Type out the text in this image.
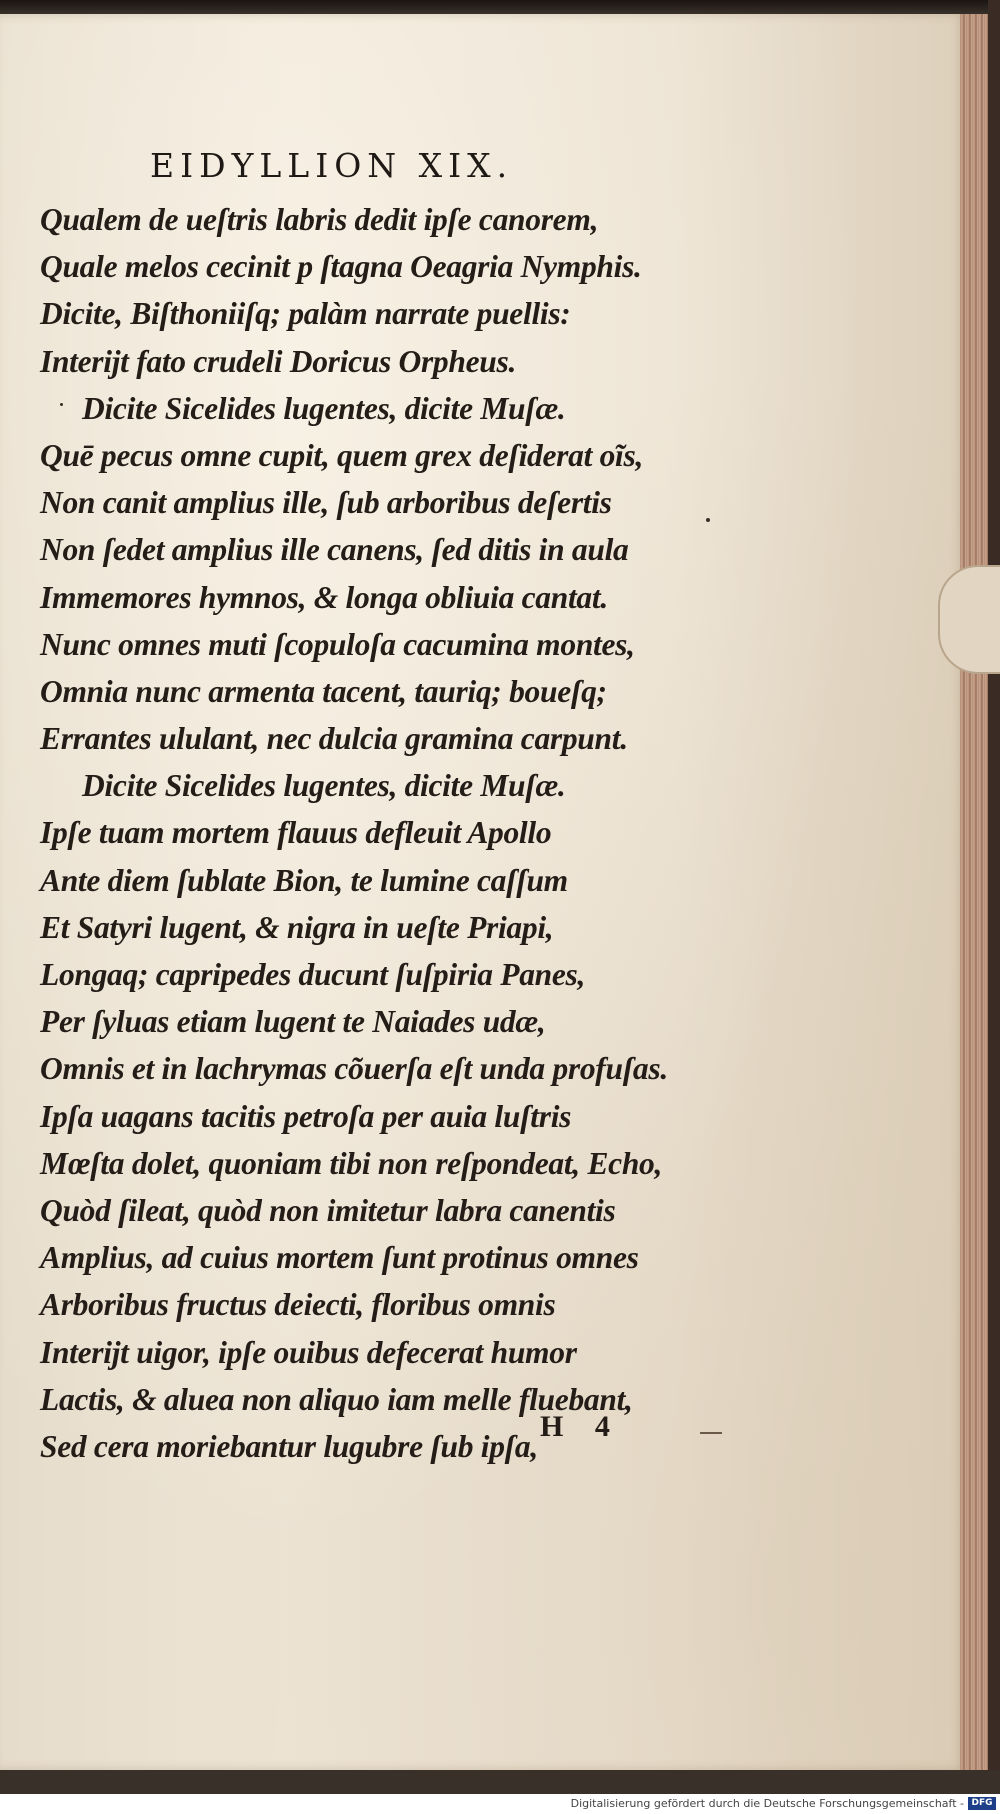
EIDYLLION XIX.
Qualem de ueſtris labris dedit ipſe canorem,
Quale melos cecinit p ſtagna Oeagria Nymphis.
Dicite, Biſthoniiſq; palàm narrate puellis:
Interijt fato crudeli Doricus Orpheus.
Dicite Sicelides lugentes, dicite Muſæ.
Quē pecus omne cupit, quem grex deſiderat oĩs,
Non canit amplius ille, ſub arboribus deſertis
Non ſedet amplius ille canens, ſed ditis in aula
Immemores hymnos, & longa obliuia cantat.
Nunc omnes muti ſcopuloſa cacumina montes,
Omnia nunc armenta tacent, tauriq; boueſq;
Errantes ululant, nec dulcia gramina carpunt.
Dicite Sicelides lugentes, dicite Muſæ.
Ipſe tuam mortem flauus defleuit Apollo
Ante diem ſublate Bion, te lumine caſſum
Et Satyri lugent, & nigra in ueſte Priapi,
Longaq; capripedes ducunt ſuſpiria Panes,
Per ſyluas etiam lugent te Naiades udæ,
Omnis et in lachrymas cõuerſa eſt unda profuſas.
Ipſa uagans tacitis petroſa per auia luſtris
Mœſta dolet, quoniam tibi non reſpondeat, Echo,
Quòd ſileat, quòd non imitetur labra canentis
Amplius, ad cuius mortem ſunt protinus omnes
Arboribus fructus deiecti, floribus omnis
Interijt uigor, ipſe ouibus defecerat humor
Lactis, & aluea non aliquo iam melle fluebant,
Sed cera moriebantur lugubre ſub ipſa,
H 4
Digitalisierung gefördert durch die Deutsche Forschungsgemeinschaft - DFG
